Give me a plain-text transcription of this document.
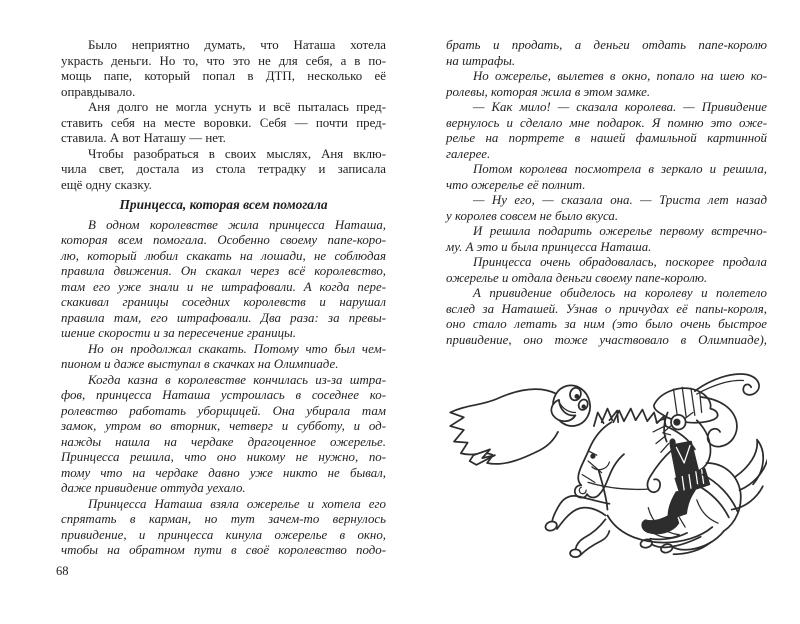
Было неприятно думать, что Наташа хотела
украсть деньги. Но то, что это не для себя, а в по-
мощь папе, который попал в ДТП, несколько её
оправдывало.
Аня долго не могла уснуть и всё пыталась пред-
ставить себя на месте воровки. Себя — почти пред-
ставила. А вот Наташу — нет.
Чтобы разобраться в своих мыслях, Аня вклю-
чила свет, достала из стола тетрадку и записала
ещё одну сказку.
Принцесса, которая всем помогала
В одном королевстве жила принцесса Наташа,
которая всем помогала. Особенно своему папе-коро-
лю, который любил скакать на лошади, не соблюдая
правила движения. Он скакал через всё королевство,
там его уже знали и не штрафовали. А когда пере-
скакивал границы соседних королевств и нарушал
правила там, его штрафовали. Два раза: за превы-
шение скорости и за пересечение границы.
Но он продолжал скакать. Потому что был чем-
пионом и даже выступал в скачках на Олимпиаде.
Когда казна в королевстве кончилась из-за штра-
фов, принцесса Наташа устроилась в соседнее ко-
ролевство работать уборщицей. Она убирала там
замок, утром во вторник, четверг и субботу, и од-
нажды нашла на чердаке драгоценное ожерелье.
Принцесса решила, что оно никому не нужно, по-
тому что на чердаке давно уже никто не бывал,
даже привидение оттуда уехало.
Принцесса Наташа взяла ожерелье и хотела его
спрятать в карман, но тут зачем-то вернулось
привидение, и принцесса кинула ожерелье в окно,
чтобы на обратном пути в своё королевство подо-
68
брать и продать, а деньги отдать папе-королю
на штрафы.
Но ожерелье, вылетев в окно, попало на шею ко-
ролевы, которая жила в этом замке.
— Как мило! — сказала королева. — Привидение
вернулось и сделало мне подарок. Я помню это оже-
релье на портрете в нашей фамильной картинной
галерее.
Потом королева посмотрела в зеркало и решила,
что ожерелье её полнит.
— Ну его, — сказала она. — Триста лет назад
у королев совсем не было вкуса.
И решила подарить ожерелье первому встречно-
му. А это и была принцесса Наташа.
Принцесса очень обрадовалась, поскорее продала
ожерелье и отдала деньги своему папе-королю.
А привидение обиделось на королеву и полетело
вслед за Наташей. Узнав о причудах её папы-короля,
оно стало летать за ним (это было очень быстрое
привидение, оно тоже участвовало в Олимпиаде),
